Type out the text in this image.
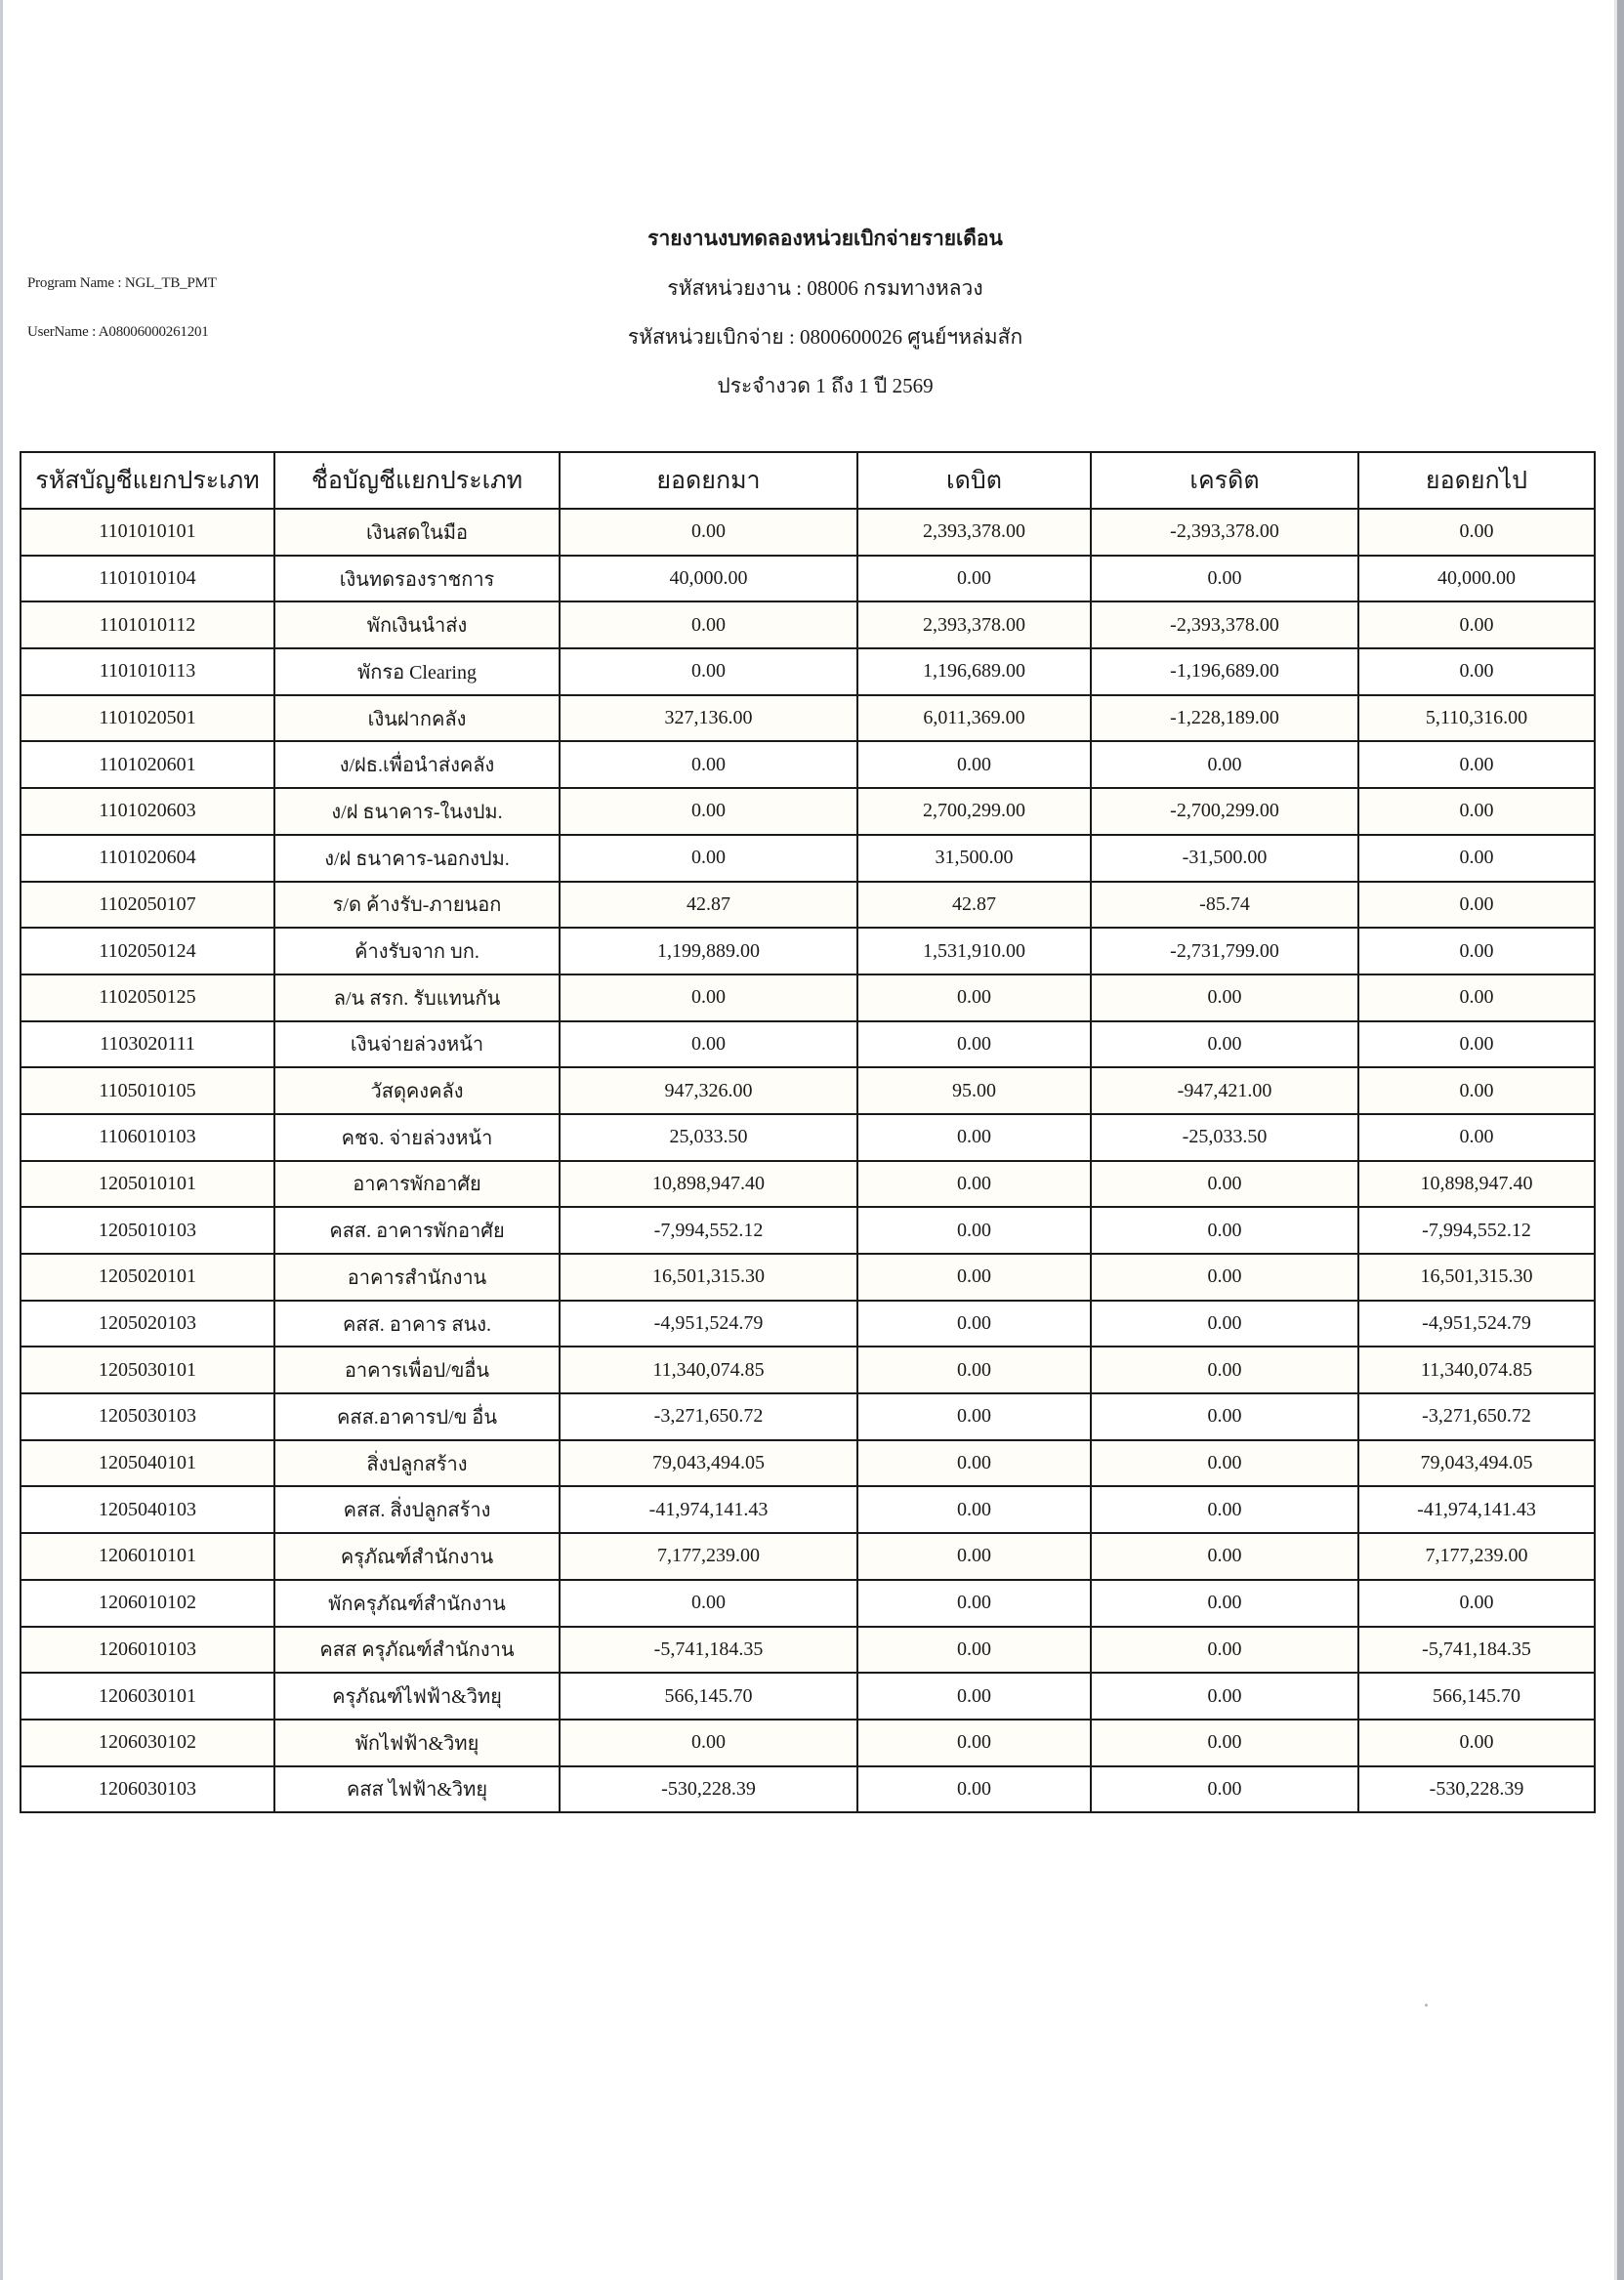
Program Name : NGL_TB_PMT
UserName : A08006000261201
รายงานงบทดลองหน่วยเบิกจ่ายรายเดือน
รหัสหน่วยงาน : 08006 กรมทางหลวง
รหัสหน่วยเบิกจ่าย : 0800600026 ศูนย์ฯหล่มสัก
ประจำงวด 1 ถึง 1 ปี 2569
รหัสบัญชีแยกประเภท	ชื่อบัญชีแยกประเภท	ยอดยกมา	เดบิต	เครดิต	ยอดยกไป
1101010101	เงินสดในมือ	0.00	2,393,378.00	-2,393,378.00	0.00
1101010104	เงินทดรองราชการ	40,000.00	0.00	0.00	40,000.00
1101010112	พักเงินนำส่ง	0.00	2,393,378.00	-2,393,378.00	0.00
1101010113	พักรอ Clearing	0.00	1,196,689.00	-1,196,689.00	0.00
1101020501	เงินฝากคลัง	327,136.00	6,011,369.00	-1,228,189.00	5,110,316.00
1101020601	ง/ฝธ.เพื่อนำส่งคลัง	0.00	0.00	0.00	0.00
1101020603	ง/ฝ ธนาคาร-ในงปม.	0.00	2,700,299.00	-2,700,299.00	0.00
1101020604	ง/ฝ ธนาคาร-นอกงปม.	0.00	31,500.00	-31,500.00	0.00
1102050107	ร/ด ค้างรับ-ภายนอก	42.87	42.87	-85.74	0.00
1102050124	ค้างรับจาก บก.	1,199,889.00	1,531,910.00	-2,731,799.00	0.00
1102050125	ล/น สรก. รับแทนกัน	0.00	0.00	0.00	0.00
1103020111	เงินจ่ายล่วงหน้า	0.00	0.00	0.00	0.00
1105010105	วัสดุคงคลัง	947,326.00	95.00	-947,421.00	0.00
1106010103	คชจ. จ่ายล่วงหน้า	25,033.50	0.00	-25,033.50	0.00
1205010101	อาคารพักอาศัย	10,898,947.40	0.00	0.00	10,898,947.40
1205010103	คสส. อาคารพักอาศัย	-7,994,552.12	0.00	0.00	-7,994,552.12
1205020101	อาคารสำนักงาน	16,501,315.30	0.00	0.00	16,501,315.30
1205020103	คสส. อาคาร สนง.	-4,951,524.79	0.00	0.00	-4,951,524.79
1205030101	อาคารเพื่อป/ขอื่น	11,340,074.85	0.00	0.00	11,340,074.85
1205030103	คสส.อาคารป/ข อื่น	-3,271,650.72	0.00	0.00	-3,271,650.72
1205040101	สิ่งปลูกสร้าง	79,043,494.05	0.00	0.00	79,043,494.05
1205040103	คสส. สิ่งปลูกสร้าง	-41,974,141.43	0.00	0.00	-41,974,141.43
1206010101	ครุภัณฑ์สำนักงาน	7,177,239.00	0.00	0.00	7,177,239.00
1206010102	พักครุภัณฑ์สำนักงาน	0.00	0.00	0.00	0.00
1206010103	คสส ครุภัณฑ์สำนักงาน	-5,741,184.35	0.00	0.00	-5,741,184.35
1206030101	ครุภัณฑ์ไฟฟ้า&วิทยุ	566,145.70	0.00	0.00	566,145.70
1206030102	พักไฟฟ้า&วิทยุ	0.00	0.00	0.00	0.00
1206030103	คสส ไฟฟ้า&วิทยุ	-530,228.39	0.00	0.00	-530,228.39
